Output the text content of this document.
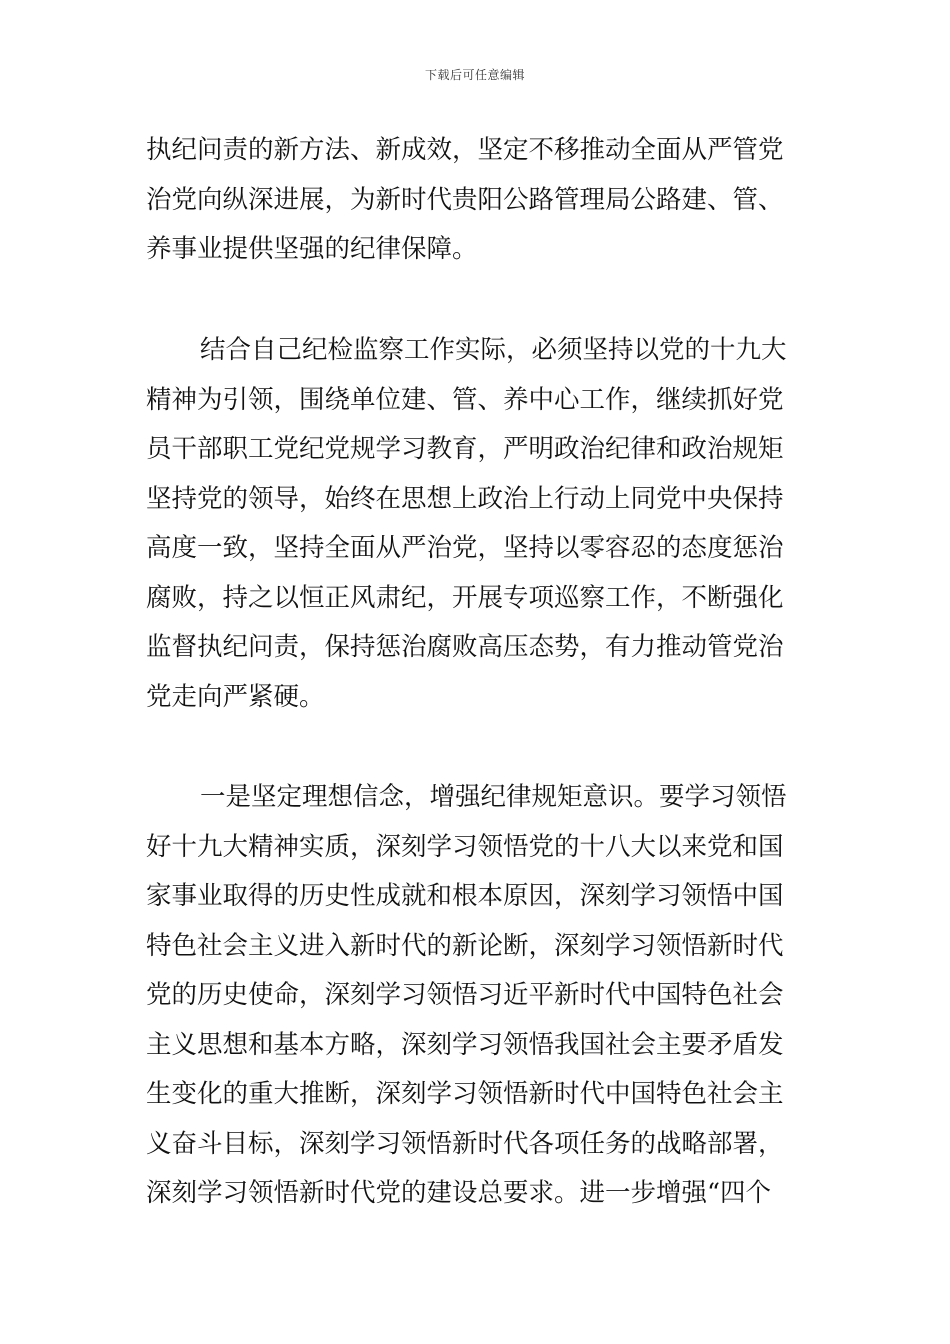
下载后可任意编辑
执纪问责的新方法、新成效，坚定不移推动全面从严管党
治党向纵深进展，为新时代贵阳公路管理局公路建、管、
养事业提供坚强的纪律保障。
结合自己纪检监察工作实际，必须坚持以党的十九大
精神为引领，围绕单位建、管、养中心工作，继续抓好党
员干部职工党纪党规学习教育，严明政治纪律和政治规矩
坚持党的领导，始终在思想上政治上行动上同党中央保持
高度一致，坚持全面从严治党，坚持以零容忍的态度惩治
腐败，持之以恒正风肃纪，开展专项巡察工作，不断强化
监督执纪问责，保持惩治腐败高压态势，有力推动管党治
党走向严紧硬。
一是坚定理想信念，增强纪律规矩意识。要学习领悟
好十九大精神实质，深刻学习领悟党的十八大以来党和国
家事业取得的历史性成就和根本原因，深刻学习领悟中国
特色社会主义进入新时代的新论断，深刻学习领悟新时代
党的历史使命，深刻学习领悟习近平新时代中国特色社会
主义思想和基本方略，深刻学习领悟我国社会主要矛盾发
生变化的重大推断，深刻学习领悟新时代中国特色社会主
义奋斗目标，深刻学习领悟新时代各项任务的战略部署，
深刻学习领悟新时代党的建设总要求。进一步增强“四个
